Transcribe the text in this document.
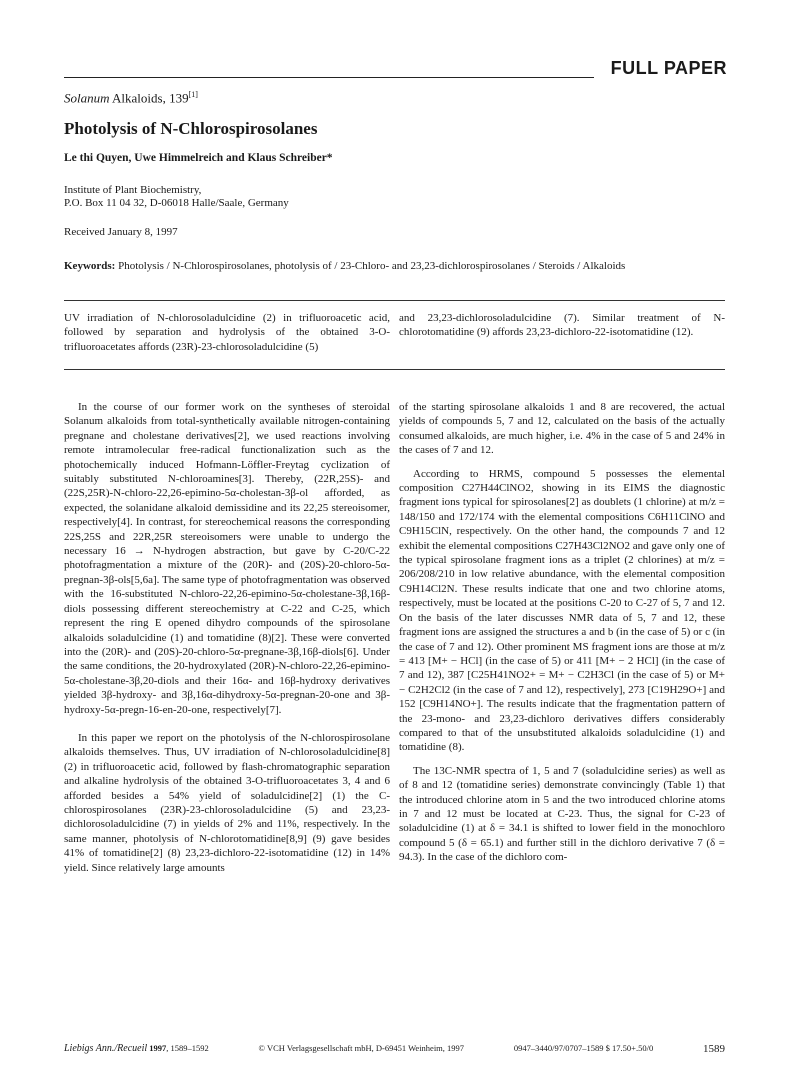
FULL PAPER
Solanum Alkaloids, 139[1]
Photolysis of N-Chlorospirosolanes
Le thi Quyen, Uwe Himmelreich and Klaus Schreiber*
Institute of Plant Biochemistry,
P.O. Box 11 04 32, D-06018 Halle/Saale, Germany
Received January 8, 1997
Keywords: Photolysis / N-Chlorospirosolanes, photolysis of / 23-Chloro- and 23,23-dichlorospirosolanes / Steroids / Alkaloids
UV irradiation of N-chlorosoladulcidine (2) in trifluoroacetic acid, followed by separation and hydrolysis of the obtained 3-O-trifluoroacetates affords (23R)-23-chlorosoladulcidine (5)
and 23,23-dichlorosoladulcidine (7). Similar treatment of N-chlorotomatidine (9) affords 23,23-dichloro-22-isotomatidine (12).

In the course of our former work on the syntheses of steroidal Solanum alkaloids from total-synthetically available nitrogen-containing pregnane and cholestane derivatives[2], we used reactions involving remote intramolecular free-radical functionalization such as the photochemically induced Hofmann-Löffler-Freytag cyclization of suitably substituted N-chloroamines[3]. Thereby, (22R,25S)- and (22S,25R)-N-chloro-22,26-epimino-5α-cholestan-3β-ol afforded, as expected, the solanidane alkaloid demissidine and its 22,25 stereoisomer, respectively[4]. In contrast, for stereochemical reasons the corresponding 22S,25S and 22R,25R stereoisomers were unable to undergo the necessary 16 → N-hydrogen abstraction, but gave by C-20/C-22 photofragmentation a mixture of the (20R)- and (20S)-20-chloro-5α-pregnan-3β-ols[5,6a]. The same type of photofragmentation was observed with the 16-substituted N-chloro-22,26-epimino-5α-cholestane-3β,16β-diols possessing different stereochemistry at C-22 and C-25, which represent the ring E opened dihydro compounds of the spirosolane alkaloids soladulcidine (1) and tomatidine (8)[2]. These were converted into the (20R)- and (20S)-20-chloro-5α-pregnane-3β,16β-diols[6]. Under the same conditions, the 20-hydroxylated (20R)-N-chloro-22,26-epimino-5α-cholestane-3β,20-diols and their 16α- and 16β-hydroxy derivatives yielded 3β-hydroxy- and 3β,16α-dihydroxy-5α-pregnan-20-one and 3β-hydroxy-5α-pregn-16-en-20-one, respectively[7].

In this paper we report on the photolysis of the N-chlorospirosolane alkaloids themselves. Thus, UV irradiation of N-chlorosoladulcidine[8] (2) in trifluoroacetic acid, followed by flash-chromatographic separation and alkaline hydrolysis of the obtained 3-O-trifluoroacetates 3, 4 and 6 afforded besides a 54% yield of soladulcidine[2] (1) the C-chlorospirosolanes (23R)-23-chlorosoladulcidine (5) and 23,23-dichlorosoladulcidine (7) in yields of 2% and 11%, respectively. In the same manner, photolysis of N-chlorotomatidine[8,9] (9) gave besides 41% of tomatidine[2] (8) 23,23-dichloro-22-isotomatidine (12) in 14% yield. Since relatively large amounts

of the starting spirosolane alkaloids 1 and 8 are recovered, the actual yields of compounds 5, 7 and 12, calculated on the basis of the actually consumed alkaloids, are much higher, i.e. 4% in the case of 5 and 24% in the cases of 7 and 12.

According to HRMS, compound 5 possesses the elemental composition C27H44ClNO2, showing in its EIMS the diagnostic fragment ions typical for spirosolanes[2] as doublets (1 chlorine) at m/z = 148/150 and 172/174 with the elemental compositions C6H11ClNO and C9H15ClN, respectively. On the other hand, the compounds 7 and 12 exhibit the elemental compositions C27H43Cl2NO2 and gave only one of the typical spirosolane fragment ions as a triplet (2 chlorines) at m/z = 206/208/210 in low relative abundance, with the elemental composition C9H14Cl2N. These results indicate that one and two chlorine atoms, respectively, must be located at the positions C-20 to C-27 of 5, 7 and 12. On the basis of the later discusses NMR data of 5, 7 and 12, these fragment ions are assigned the structures a and b (in the case of 5) or c (in the case of 7 and 12). Other prominent MS fragment ions are those at m/z = 413 [M+ − HCl] (in the case of 5) or 411 [M+ − 2 HCl] (in the case of 7 and 12), 387 [C25H41NO2+ = M+ − C2H3Cl (in the case of 5) or M+ − C2H2Cl2 (in the case of 7 and 12), respectively], 273 [C19H29O+] and 152 [C9H14NO+]. The results indicate that the fragmentation pattern of the 23-mono- and 23,23-dichloro derivatives differs considerably compared to that of the unsubstituted alkaloids soladulcidine (1) and tomatidine (8).

The 13C-NMR spectra of 1, 5 and 7 (soladulcidine series) as well as of 8 and 12 (tomatidine series) demonstrate convincingly (Table 1) that the introduced chlorine atom in 5 and the two introduced chlorine atoms in 7 and 12 must be located at C-23. Thus, the signal for C-23 of soladulcidine (1) at δ = 34.1 is shifted to lower field in the monochloro compound 5 (δ = 65.1) and further still in the dichloro derivative 7 (δ = 94.3). In the case of the dichloro com-

Liebigs Ann./Recueil 1997, 1589–1592	© VCH Verlagsgesellschaft mbH, D-69451 Weinheim, 1997	0947–3440/97/0707–1589 $ 17.50+.50/0	1589
